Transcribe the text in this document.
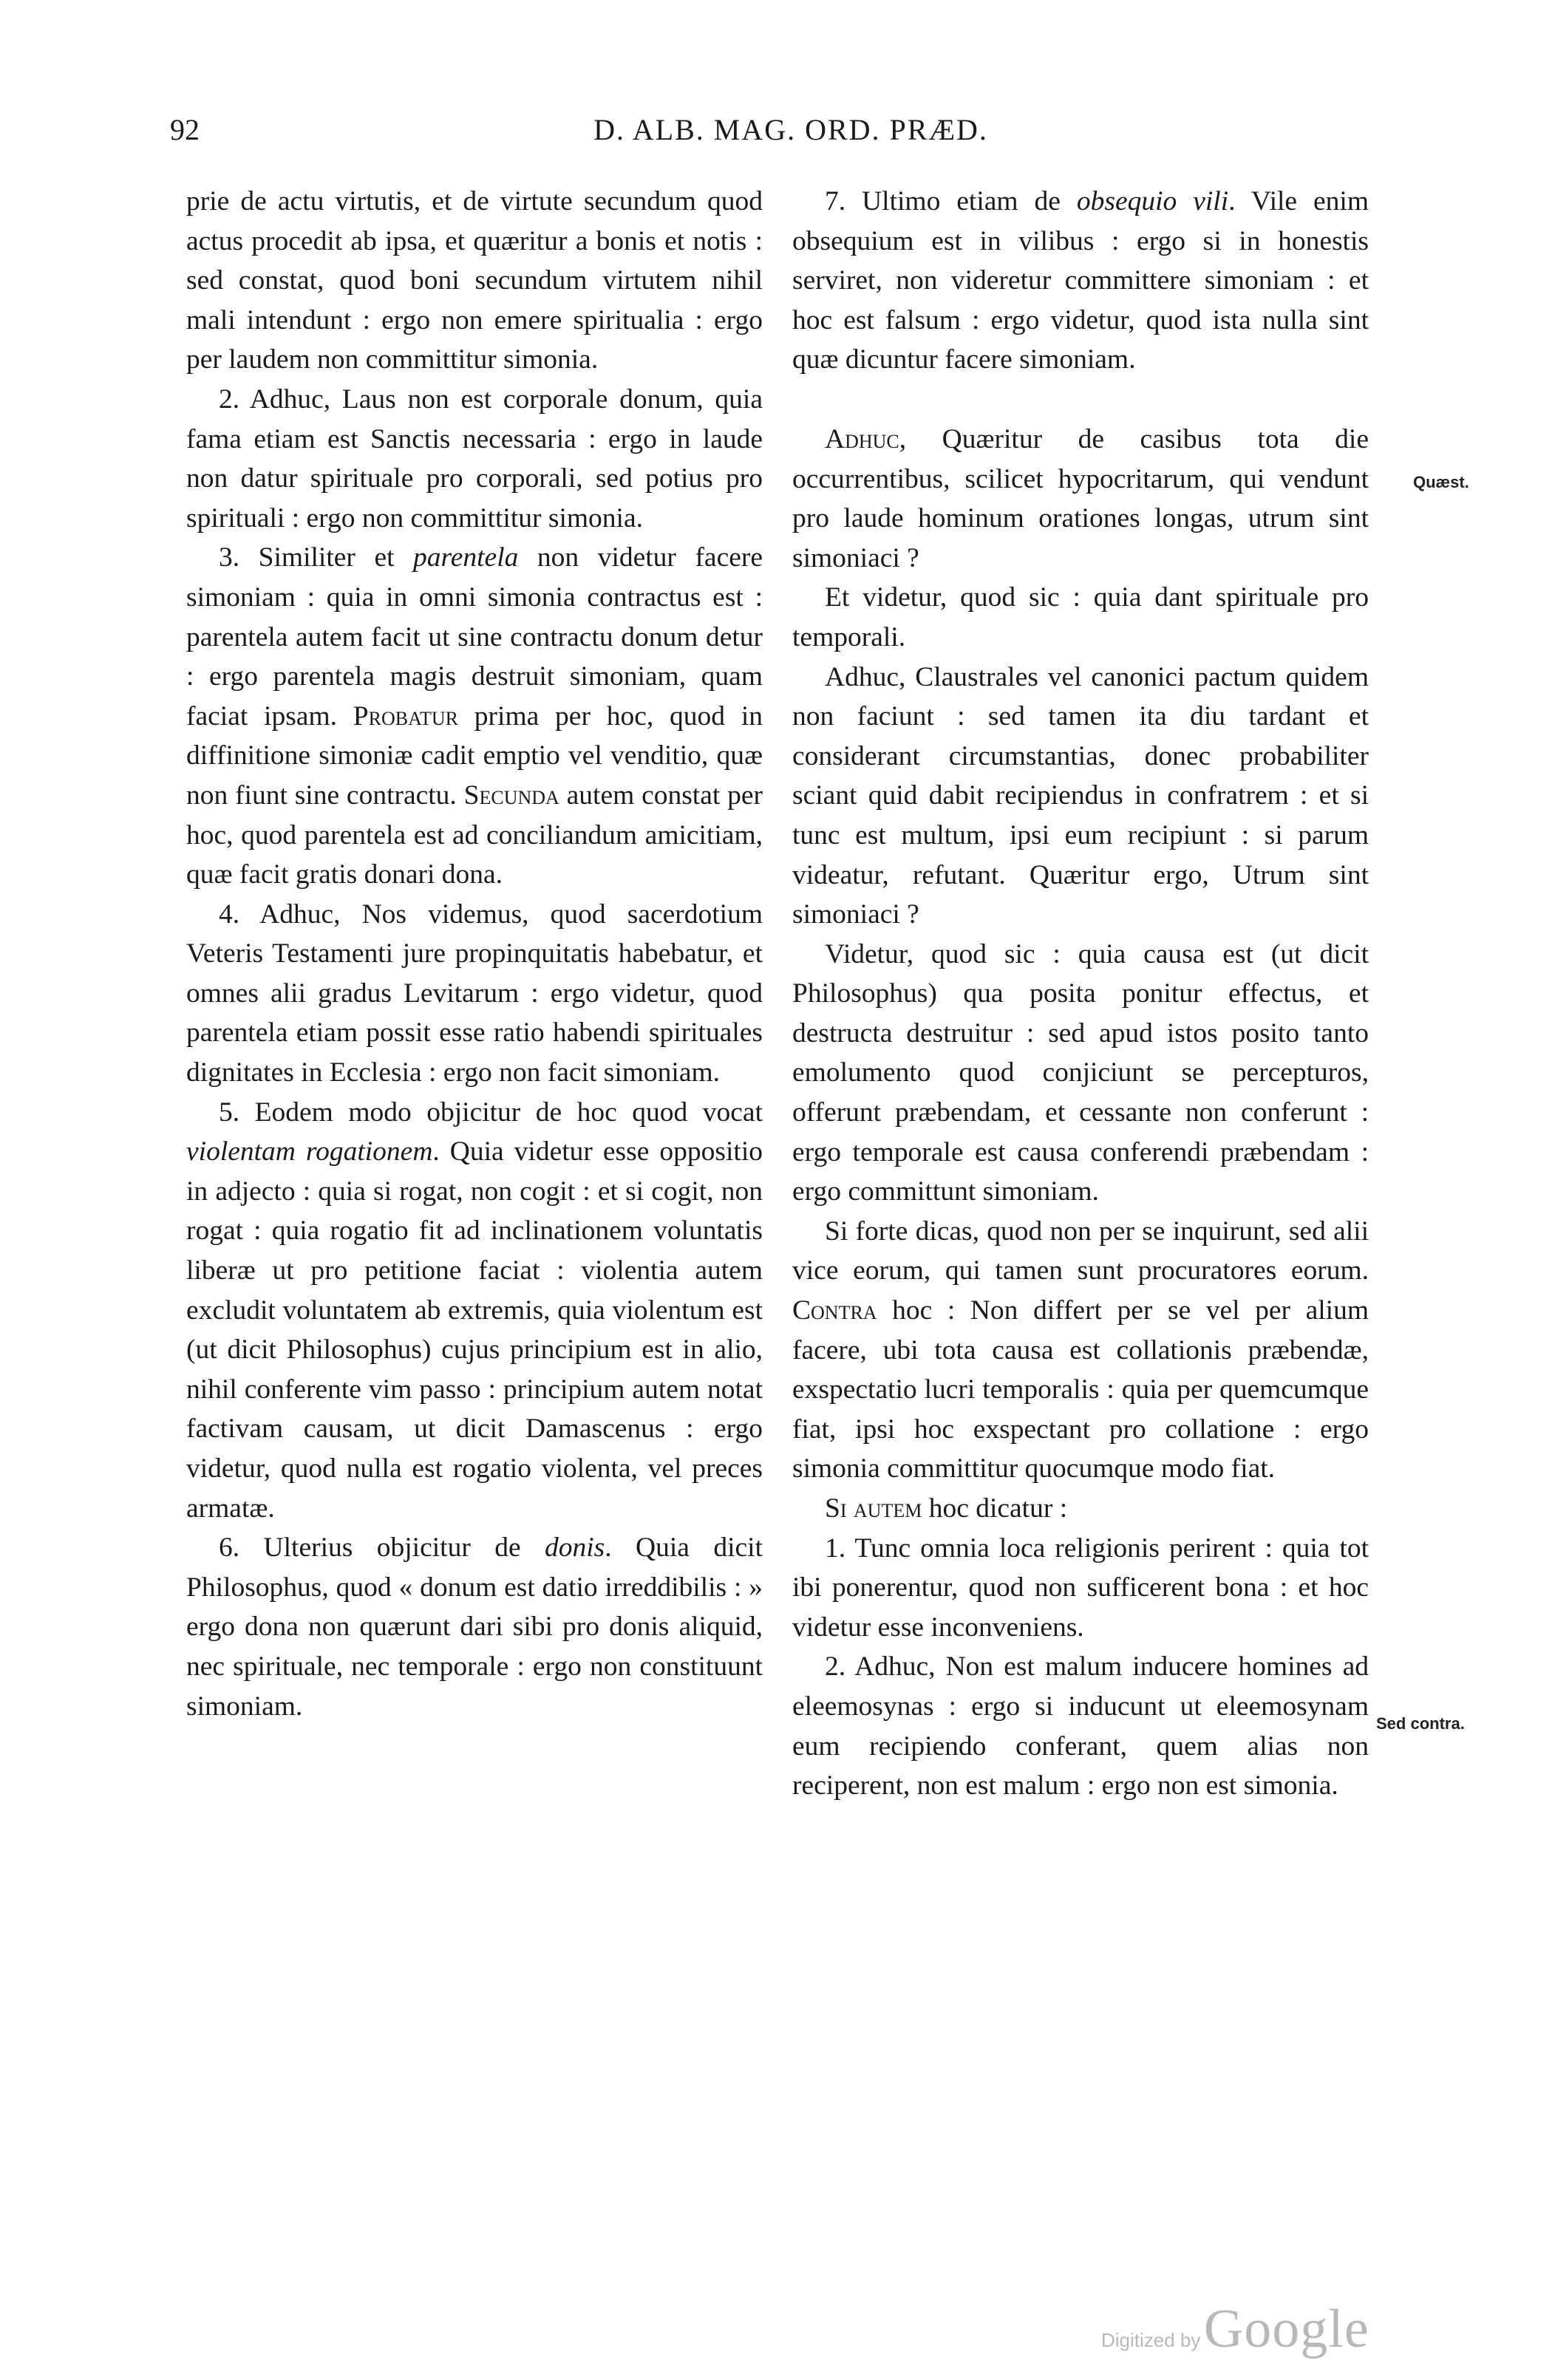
92	D. ALB. MAG. ORD. PRÆD.

prie de actu virtutis, et de virtute secundum quod actus procedit ab ipsa, et quæritur a bonis et notis : sed constat, quod boni secundum virtutem nihil mali intendunt : ergo non emere spiritualia : ergo per laudem non committitur simonia.

2. Adhuc, Laus non est corporale donum, quia fama etiam est Sanctis necessaria : ergo in laude non datur spirituale pro corporali, sed potius pro spirituali : ergo non committitur simonia.

3. Similiter et parentela non videtur facere simoniam : quia in omni simonia contractus est : parentela autem facit ut sine contractu donum detur : ergo parentela magis destruit simoniam, quam faciat ipsam. Probatur prima per hoc, quod in diffinitione simoniæ cadit emptio vel venditio, quæ non fiunt sine contractu. Secunda autem constat per hoc, quod parentela est ad conciliandum amicitiam, quæ facit gratis donari dona.

4. Adhuc, Nos videmus, quod sacerdotium Veteris Testamenti jure propinquitatis habebatur, et omnes alii gradus Levitarum : ergo videtur, quod parentela etiam possit esse ratio habendi spirituales dignitates in Ecclesia : ergo non facit simoniam.

5. Eodem modo objicitur de hoc quod vocat violentam rogationem. Quia videtur esse oppositio in adjecto : quia si rogat, non cogit : et si cogit, non rogat : quia rogatio fit ad inclinationem voluntatis liberæ ut pro petitione faciat : violentia autem excludit voluntatem ab extremis, quia violentum est (ut dicit Philosophus) cujus principium est in alio, nihil conferente vim passo : principium autem notat factivam causam, ut dicit Damascenus : ergo videtur, quod nulla est rogatio violenta, vel preces armatæ.

6. Ulterius objicitur de donis. Quia dicit Philosophus, quod « donum est datio irreddibilis : » ergo dona non quærunt dari sibi pro donis aliquid, nec spirituale, nec temporale : ergo non constituunt simoniam.

7. Ultimo etiam de obsequio vili. Vile enim obsequium est in vilibus : ergo si in honestis serviret, non videretur committere simoniam : et hoc est falsum : ergo videtur, quod ista nulla sint quæ dicuntur facere simoniam.

Adhuc, Quæritur de casibus tota die occurrentibus, scilicet hypocritarum, qui vendunt pro laude hominum orationes longas, utrum sint simoniaci ?

Et videtur, quod sic : quia dant spirituale pro temporali.

Adhuc, Claustrales vel canonici pactum quidem non faciunt : sed tamen ita diu tardant et considerant circumstantias, donec probabiliter sciant quid dabit recipiendus in confratrem : et si tunc est multum, ipsi eum recipiunt : si parum videatur, refutant. Quæritur ergo, Utrum sint simoniaci ?

Videtur, quod sic : quia causa est (ut dicit Philosophus) qua posita ponitur effectus, et destructa destruitur : sed apud istos posito tanto emolumento quod conjiciunt se percepturos, offerunt præbendam, et cessante non conferunt : ergo temporale est causa conferendi præbendam : ergo committunt simoniam.

Si forte dicas, quod non per se inquirunt, sed alii vice eorum, qui tamen sunt procuratores eorum. Contra hoc : Non differt per se vel per alium facere, ubi tota causa est collationis præbendæ, exspectatio lucri temporalis : quia per quemcumque fiat, ipsi hoc exspectant pro collatione : ergo simonia committitur quocumque modo fiat.

Si autem hoc dicatur :

1. Tunc omnia loca religionis perirent : quia tot ibi ponerentur, quod non sufficerent bona : et hoc videtur esse inconveniens.

2. Adhuc, Non est malum inducere homines ad eleemosynas : ergo si inducunt ut eleemosynam eum recipiendo conferant, quem alias non reciperent, non est malum : ergo non est simonia.

Quæst.
Sed contra.
Digitized by Google
